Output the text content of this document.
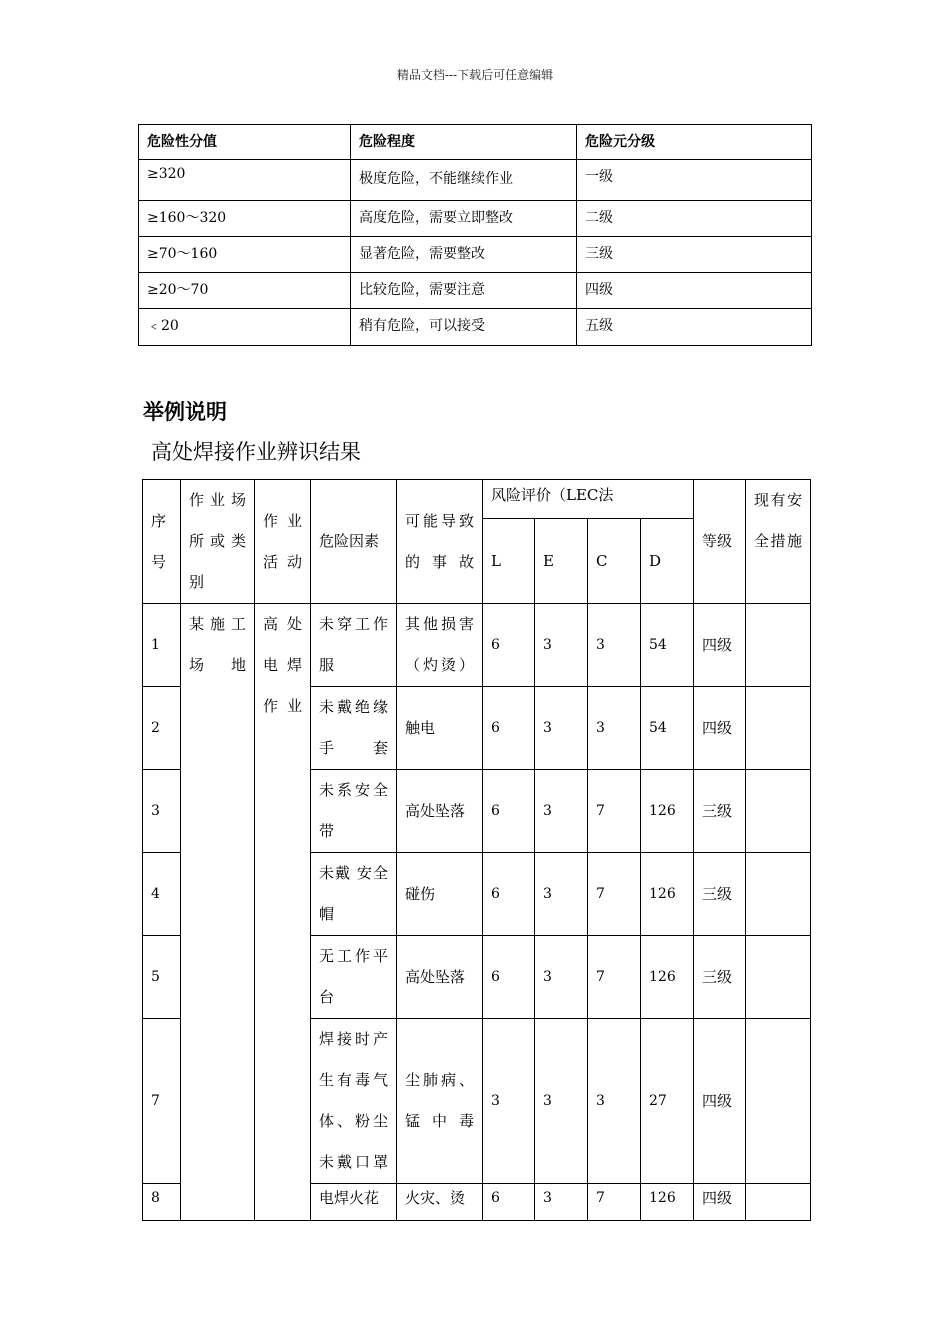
精品文档---下载后可任意编辑
危险性分值	危险程度	危险元分级
≥320	极度危险，不能继续作业	一级
≥160～320	高度危险，需要立即整改	二级
≥70～160	显著危险，需要整改	三级
≥20～70	比较危险，需要注意	四级
﹤20	稍有危险，可以接受	五级
举例说明
高处焊接作业辨识结果
序号	作业场所或类别	作业活动	危险因素	可能导致的事故	风险评价（LEC法				等级	现有安全措施
					L	E	C	D		
1	某施工场地	高处电焊作业	未穿工作服	其他损害（灼烫）	6	3	3	54	四级	
2			未戴绝缘手套	触电	6	3	3	54	四级	
3			未系安全带	高处坠落	6	3	7	126	三级	
4			未戴 安全帽	碰伤	6	3	7	126	三级	
5			无工作平台	高处坠落	6	3	7	126	三级	
7			焊接时产生有毒气体、粉尘未戴口罩	尘肺病、锰中毒	3	3	3	27	四级	
8			电焊火花	火灾、烫	6	3	7	126	四级	
